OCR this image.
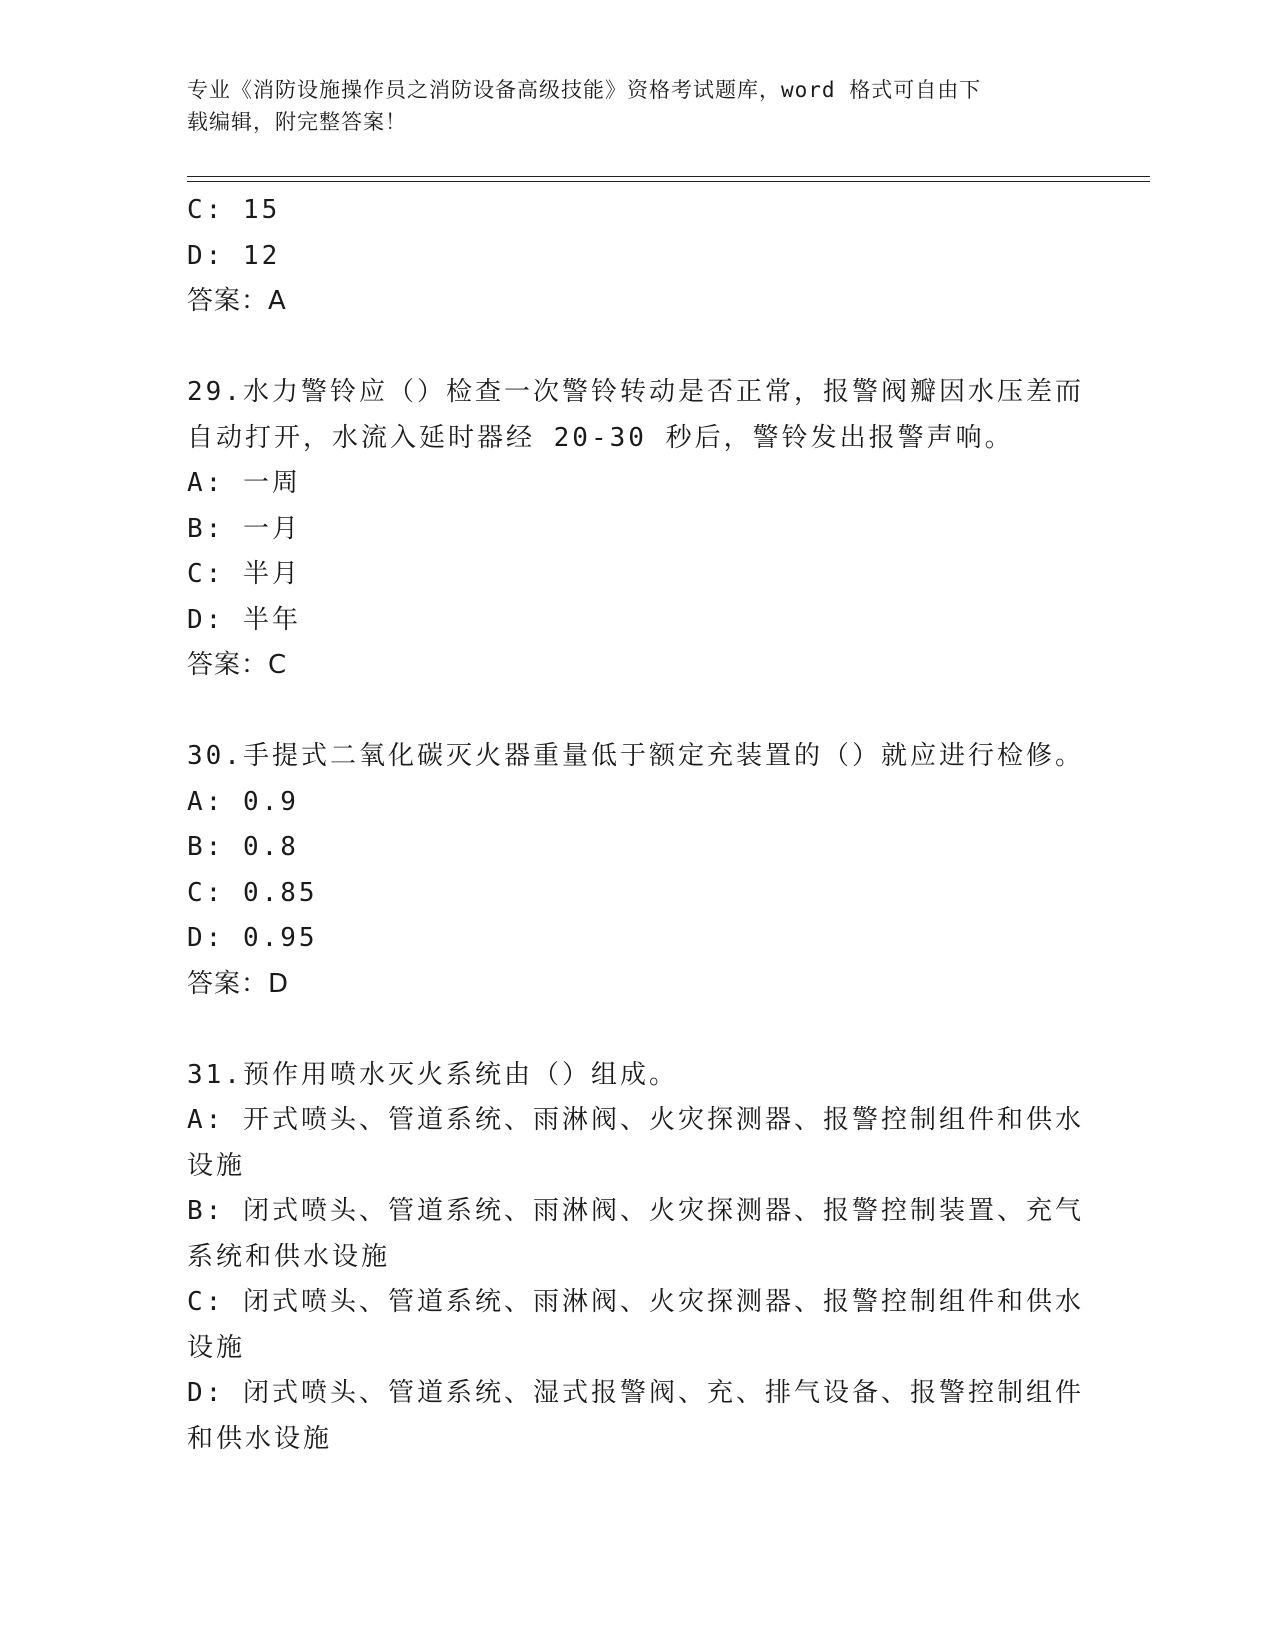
专业《消防设施操作员之消防设备高级技能》资格考试题库，word 格式可自由下
载编辑，附完整答案！
C: 15
D: 12
答案：A
29.水力警铃应（）检查一次警铃转动是否正常，报警阀瓣因水压差而
自动打开，水流入延时器经 20-30 秒后，警铃发出报警声响。
A: 一周
B: 一月
C: 半月
D: 半年
答案：C
30.手提式二氧化碳灭火器重量低于额定充装置的（）就应进行检修。
A: 0.9
B: 0.8
C: 0.85
D: 0.95
答案：D
31.预作用喷水灭火系统由（）组成。
A: 开式喷头、管道系统、雨淋阀、火灾探测器、报警控制组件和供水
设施
B: 闭式喷头、管道系统、雨淋阀、火灾探测器、报警控制装置、充气
系统和供水设施
C: 闭式喷头、管道系统、雨淋阀、火灾探测器、报警控制组件和供水
设施
D: 闭式喷头、管道系统、湿式报警阀、充、排气设备、报警控制组件
和供水设施
